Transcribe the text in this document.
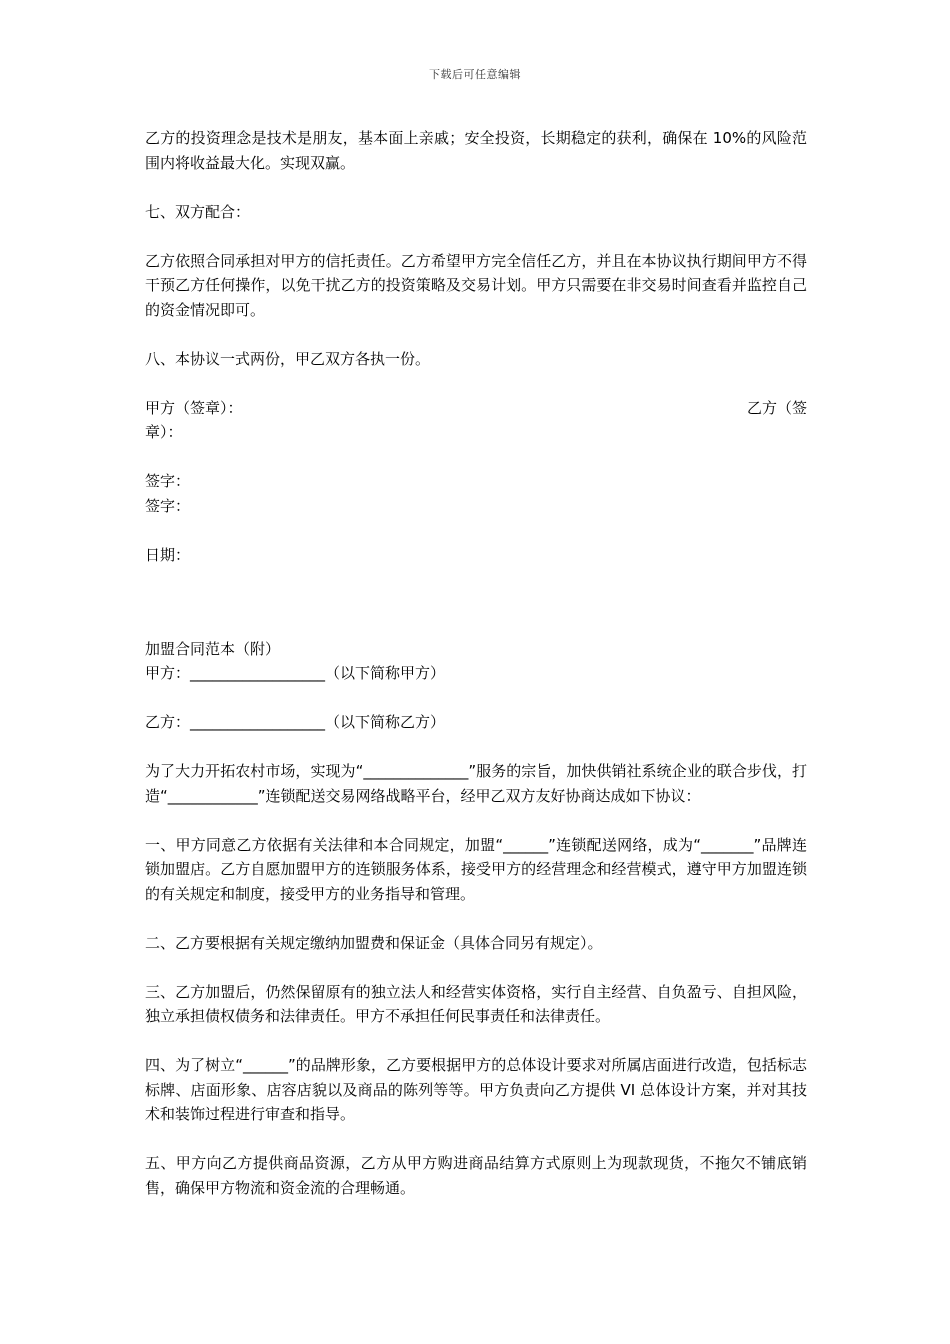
下载后可任意编辑

乙方的投资理念是技术是朋友，基本面上亲戚；安全投资，长期稳定的获利，确保在 10%的风险范围内将收益最大化。实现双赢。

七、双方配合：

乙方依照合同承担对甲方的信托责任。乙方希望甲方完全信任乙方，并且在本协议执行期间甲方不得干预乙方任何操作，以免干扰乙方的投资策略及交易计划。甲方只需要在非交易时间查看并监控自己的资金情况即可。

八、本协议一式两份，甲乙双方各执一份。

甲方（签章）：	乙方（签

章）：

签字：

签字：

日期：

加盟合同范本（附）

甲方：__________________（以下简称甲方）

乙方：__________________（以下简称乙方）

为了大力开拓农村市场，实现为“______________”服务的宗旨，加快供销社系统企业的联合步伐，打造“____________”连锁配送交易网络战略平台，经甲乙双方友好协商达成如下协议：

一、甲方同意乙方依据有关法律和本合同规定，加盟“______”连锁配送网络，成为“_______”品牌连锁加盟店。乙方自愿加盟甲方的连锁服务体系，接受甲方的经营理念和经营模式，遵守甲方加盟连锁的有关规定和制度，接受甲方的业务指导和管理。

二、乙方要根据有关规定缴纳加盟费和保证金（具体合同另有规定）。

三、乙方加盟后，仍然保留原有的独立法人和经营实体资格，实行自主经营、自负盈亏、自担风险，独立承担债权债务和法律责任。甲方不承担任何民事责任和法律责任。

四、为了树立“______”的品牌形象，乙方要根据甲方的总体设计要求对所属店面进行改造，包括标志标牌、店面形象、店容店貌以及商品的陈列等等。甲方负责向乙方提供 VI 总体设计方案，并对其技术和装饰过程进行审查和指导。

五、甲方向乙方提供商品资源，乙方从甲方购进商品结算方式原则上为现款现货，不拖欠不铺底销售，确保甲方物流和资金流的合理畅通。
